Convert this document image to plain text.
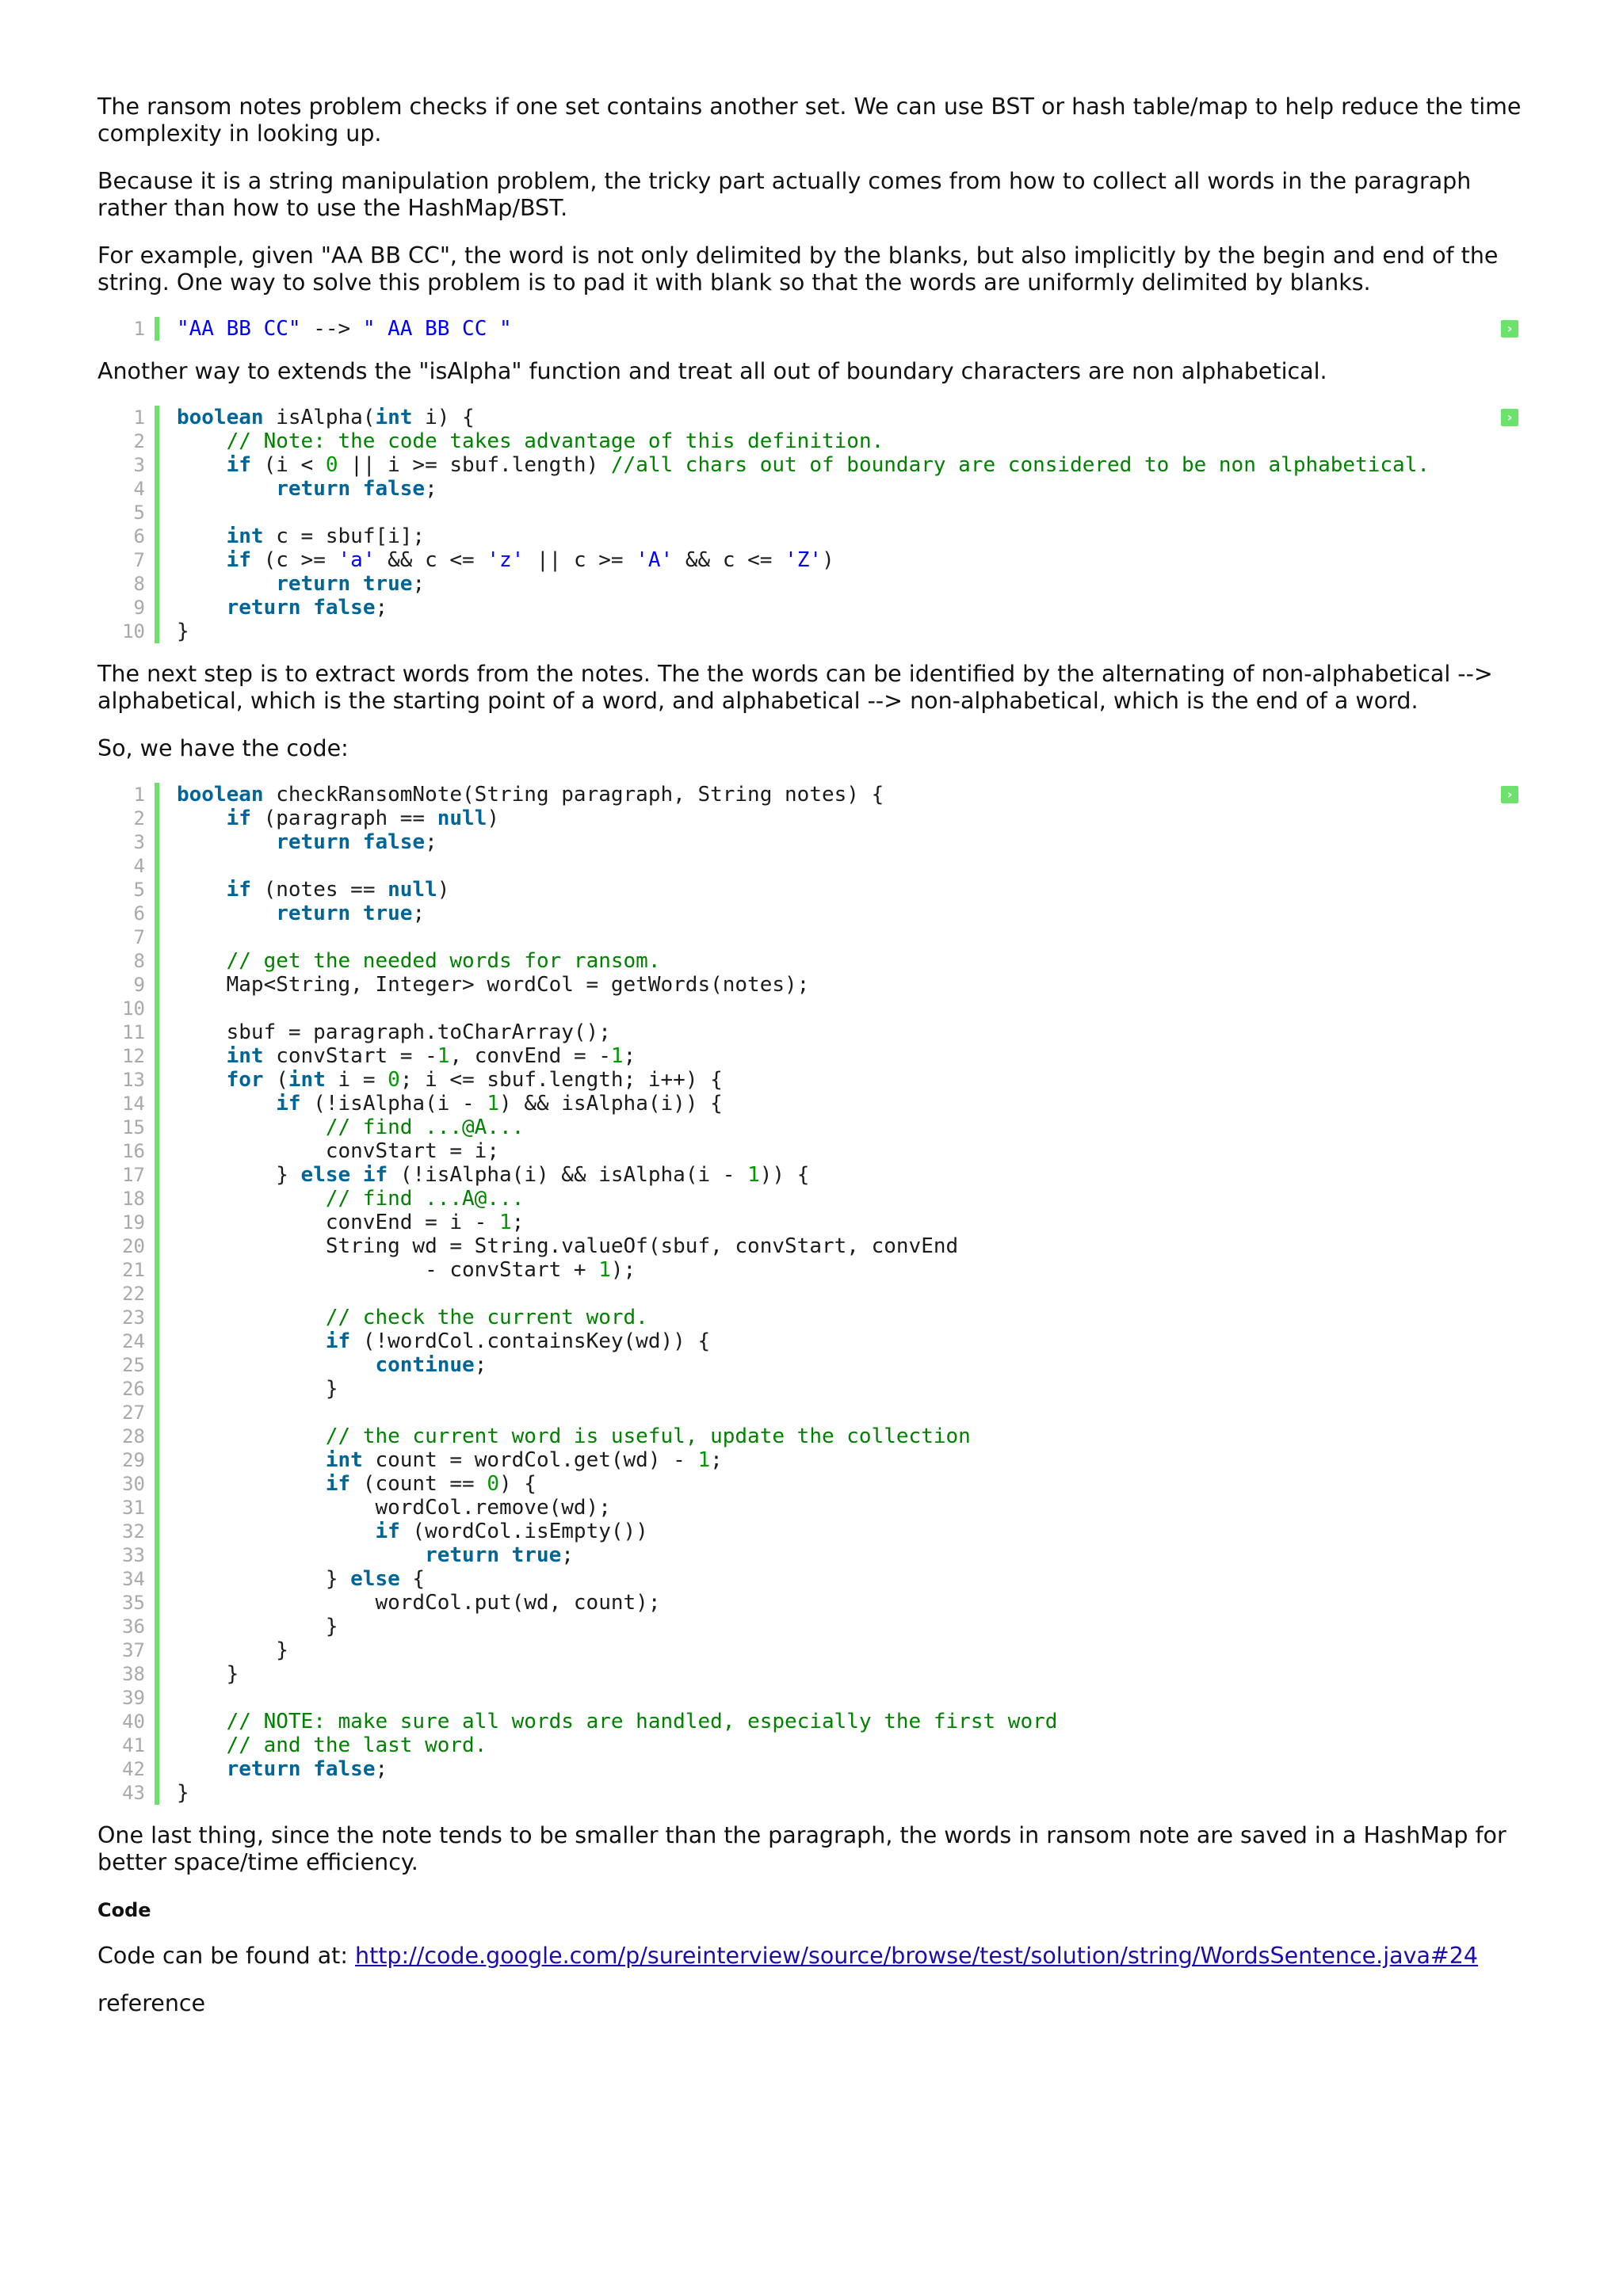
The ransom notes problem checks if one set contains another set. We can use BST or hash table/map to help reduce the time complexity in looking up.

Because it is a string manipulation problem, the tricky part actually comes from how to collect all words in the paragraph rather than how to use the HashMap/BST.

For example, given "AA BB CC", the word is not only delimited by the blanks, but also implicitly by the begin and end of the string. One way to solve this problem is to pad it with blank so that the words are uniformly delimited by blanks.

›
1	"AA BB CC" --> " AA BB CC "

Another way to extends the "isAlpha" function and treat all out of boundary characters are non alphabetical.

›
1	boolean isAlpha(int i) {
2	// Note: the code takes advantage of this definition.
3	if (i < 0 || i >= sbuf.length) //all chars out of boundary are considered to be non alphabetical.
4	return false;
5
6	int c = sbuf[i];
7	if (c >= 'a' && c <= 'z' || c >= 'A' && c <= 'Z')
8	return true;
9	return false;
10	}

The next step is to extract words from the notes. The the words can be identified by the alternating of non-alphabetical --> alphabetical, which is the starting point of a word, and alphabetical --> non-alphabetical, which is the end of a word.

So, we have the code:

›
1	boolean checkRansomNote(String paragraph, String notes) {
2	if (paragraph == null)
3	return false;
4
5	if (notes == null)
6	return true;
7
8	// get the needed words for ransom.
9	Map<String, Integer> wordCol = getWords(notes);
10
11	sbuf = paragraph.toCharArray();
12	int convStart = -1, convEnd = -1;
13	for (int i = 0; i <= sbuf.length; i++) {
14	if (!isAlpha(i - 1) && isAlpha(i)) {
15	// find ...@A...
16	convStart = i;
17	} else if (!isAlpha(i) && isAlpha(i - 1)) {
18	// find ...A@...
19	convEnd = i - 1;
20	String wd = String.valueOf(sbuf, convStart, convEnd
21	- convStart + 1);
22
23	// check the current word.
24	if (!wordCol.containsKey(wd)) {
25	continue;
26	}
27
28	// the current word is useful, update the collection
29	int count = wordCol.get(wd) - 1;
30	if (count == 0) {
31	wordCol.remove(wd);
32	if (wordCol.isEmpty())
33	return true;
34	} else {
35	wordCol.put(wd, count);
36	}
37	}
38	}
39
40	// NOTE: make sure all words are handled, especially the first word
41	// and the last word.
42	return false;
43	}

One last thing, since the note tends to be smaller than the paragraph, the words in ransom note are saved in a HashMap for better space/time efficiency.

Code

Code can be found at: http://code.google.com/p/sureinterview/source/browse/test/solution/string/WordsSentence.java#24

reference
